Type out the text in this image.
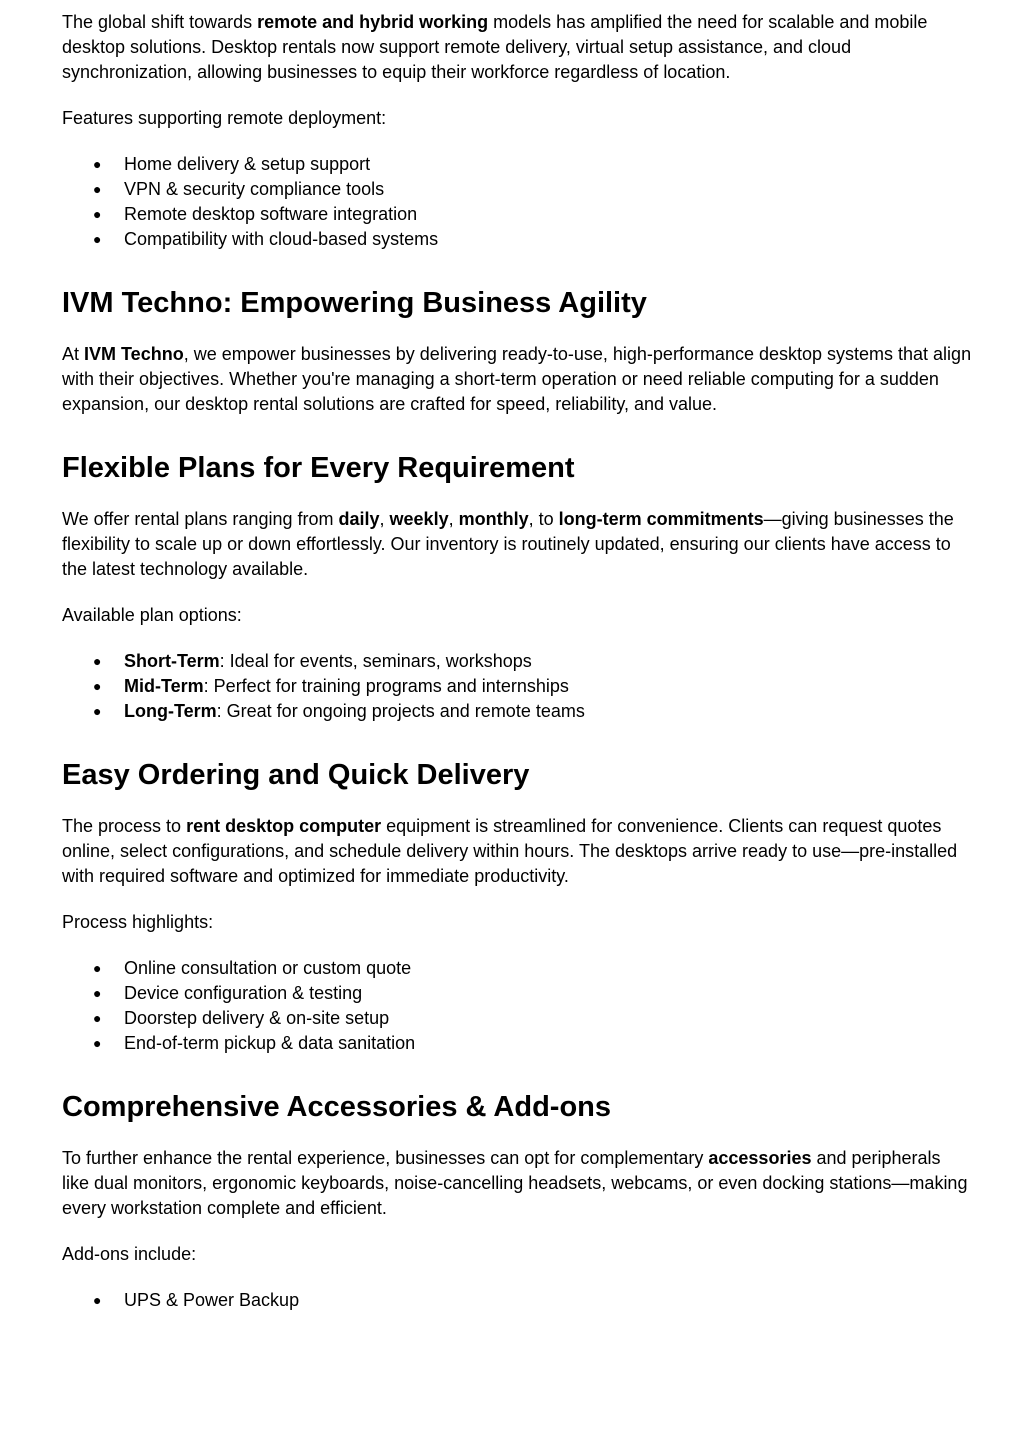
The global shift towards remote and hybrid working models has amplified the need for scalable and mobile desktop solutions. Desktop rentals now support remote delivery, virtual setup assistance, and cloud synchronization, allowing businesses to equip their workforce regardless of location.

Features supporting remote deployment:

● Home delivery & setup support
● VPN & security compliance tools
● Remote desktop software integration
● Compatibility with cloud-based systems
IVM Techno: Empowering Business Agility

At IVM Techno, we empower businesses by delivering ready-to-use, high-performance desktop systems that align with their objectives. Whether you're managing a short-term operation or need reliable computing for a sudden expansion, our desktop rental solutions are crafted for speed, reliability, and value.

Flexible Plans for Every Requirement

We offer rental plans ranging from daily, weekly, monthly, to long-term commitments—giving businesses the flexibility to scale up or down effortlessly. Our inventory is routinely updated, ensuring our clients have access to the latest technology available.

Available plan options:

● Short-Term: Ideal for events, seminars, workshops
● Mid-Term: Perfect for training programs and internships
● Long-Term: Great for ongoing projects and remote teams
Easy Ordering and Quick Delivery

The process to rent desktop computer equipment is streamlined for convenience. Clients can request quotes online, select configurations, and schedule delivery within hours. The desktops arrive ready to use—pre-installed with required software and optimized for immediate productivity.

Process highlights:

● Online consultation or custom quote
● Device configuration & testing
● Doorstep delivery & on-site setup
● End-of-term pickup & data sanitation
Comprehensive Accessories & Add-ons

To further enhance the rental experience, businesses can opt for complementary accessories and peripherals like dual monitors, ergonomic keyboards, noise-cancelling headsets, webcams, or even docking stations—making every workstation complete and efficient.

Add-ons include:

● UPS & Power Backup
